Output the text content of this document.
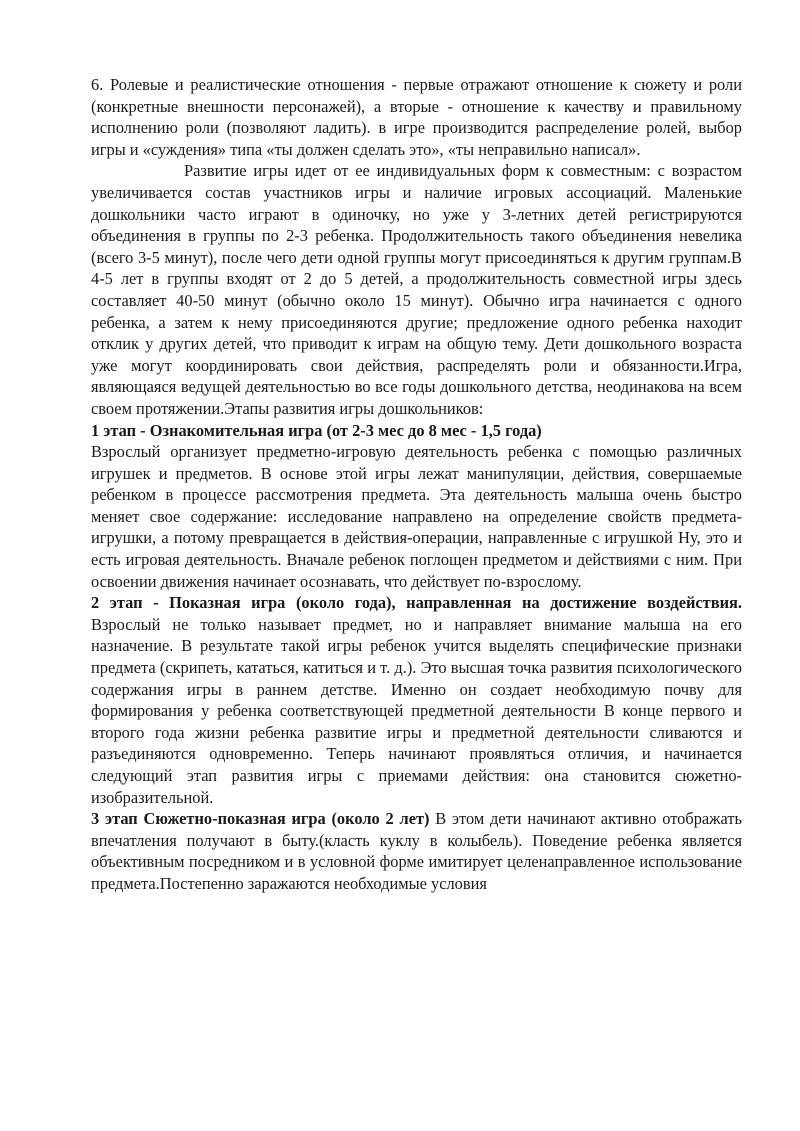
6. Ролевые и реалистические отношения - первые отражают отношение к сюжету и роли (конкретные внешности персонажей), а вторые - отношение к качеству и правильному исполнению роли (позволяют ладить). в игре производится распределение ролей, выбор игры и «суждения» типа «ты должен сделать это», «ты неправильно написал».

Развитие игры идет от ее индивидуальных форм к совместным: с возрастом увеличивается состав участников игры и наличие игровых ассоциаций. Маленькие дошкольники часто играют в одиночку, но уже у 3-летних детей регистрируются объединения в группы по 2-3 ребенка. Продолжительность такого объединения невелика (всего 3-5 минут), после чего дети одной группы могут присоединяться к другим группам.В 4-5 лет в группы входят от 2 до 5 детей, а продолжительность совместной игры здесь составляет 40-50 минут (обычно около 15 минут). Обычно игра начинается с одного ребенка, а затем к нему присоединяются другие; предложение одного ребенка находит отклик у других детей, что приводит к играм на общую тему. Дети дошкольного возраста уже могут координировать свои действия, распределять роли и обязанности.Игра, являющаяся ведущей деятельностью во все годы дошкольного детства, неодинакова на всем своем протяжении.Этапы развития игры дошкольников:

1 этап - Ознакомительная игра (от 2-3 мес до 8 мес - 1,5 года)

Взрослый организует предметно-игровую деятельность ребенка с помощью различных игрушек и предметов. В основе этой игры лежат манипуляции, действия, совершаемые ребенком в процессе рассмотрения предмета. Эта деятельность малыша очень быстро меняет свое содержание: исследование направлено на определение свойств предмета-игрушки, а потому превращается в действия-операции, направленные с игрушкой Ну, это и есть игровая деятельность. Вначале ребенок поглощен предметом и действиями с ним. При освоении движения начинает осознавать, что действует по-взрослому.

2 этап - Показная игра (около года), направленная на достижение воздействия. Взрослый не только называет предмет, но и направляет внимание малыша на его назначение. В результате такой игры ребенок учится выделять специфические признаки предмета (скрипеть, кататься, катиться и т. д.). Это высшая точка развития психологического содержания игры в раннем детстве. Именно он создает необходимую почву для формирования у ребенка соответствующей предметной деятельности В конце первого и второго года жизни ребенка развитие игры и предметной деятельности сливаются и разъединяются одновременно. Теперь начинают проявляться отличия, и начинается следующий этап развития игры с приемами действия: она становится сюжетно-изобразительной.

3 этап Сюжетно-показная игра (около 2 лет) В этом дети начинают активно отображать впечатления получают в быту.(класть куклу в колыбель). Поведение ребенка является объективным посредником и в условной форме имитирует целенаправленное использование предмета.Постепенно заражаются необходимые условия
